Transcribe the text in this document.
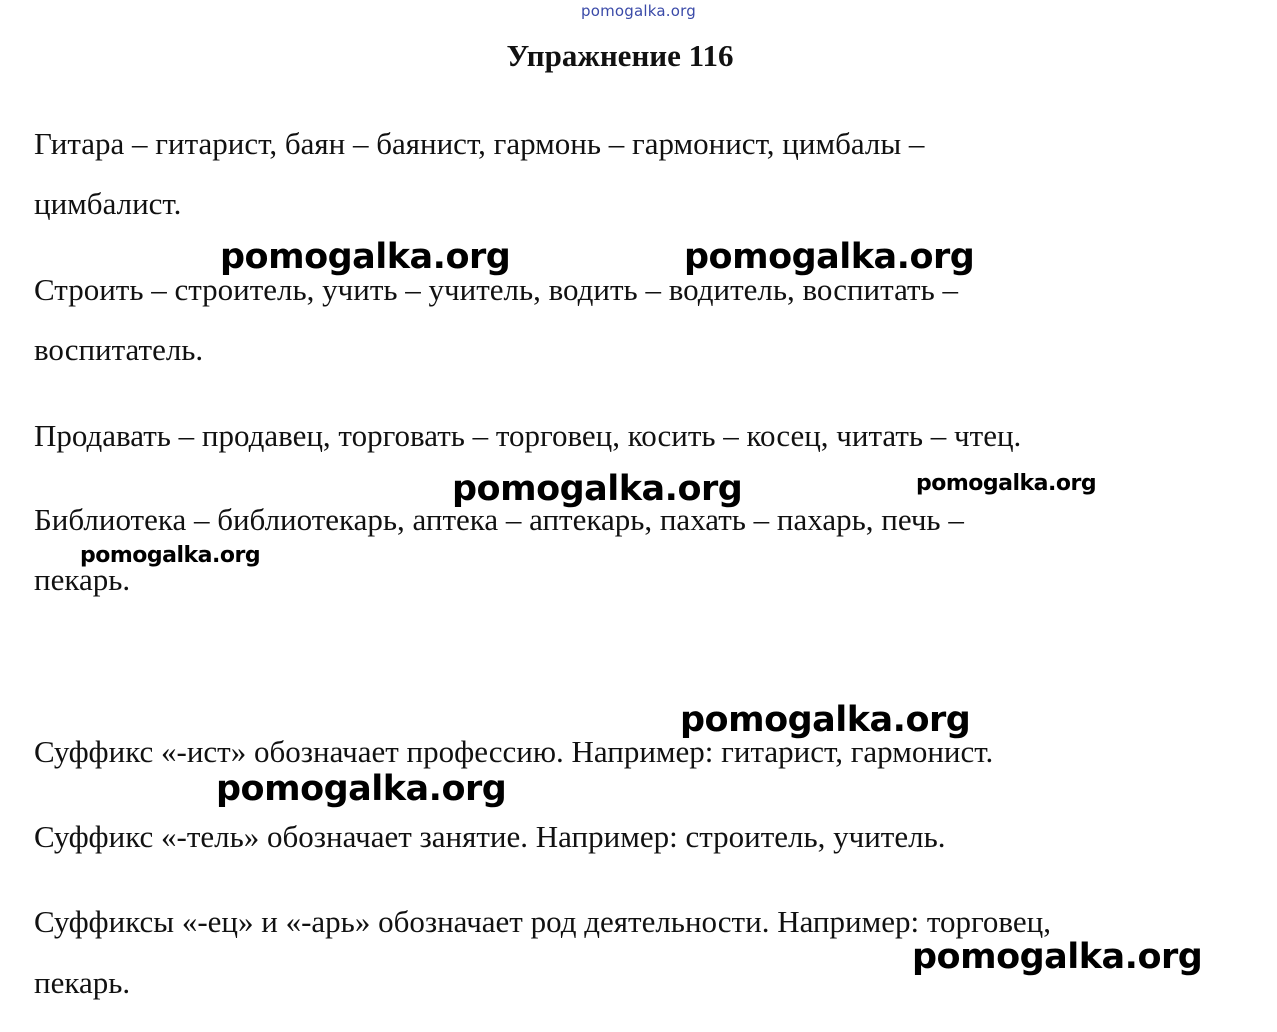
pomogalka.org
Упражнение 116
Гитара – гитарист, баян – баянист, гармонь – гармонист, цимбалы –
цимбалист.
Строить – строитель, учить – учитель, водить – водитель, воспитать –
воспитатель.
Продавать – продавец, торговать – торговец, косить – косец, читать – чтец.
Библиотека – библиотекарь, аптека – аптекарь, пахать – пахарь, печь –
пекарь.
Суффикс «-ист» обозначает профессию. Например: гитарист, гармонист.
Суффикс «-тель» обозначает занятие. Например: строитель, учитель.
Суффиксы «-ец» и «-арь» обозначает род деятельности. Например: торговец,
пекарь.
pomogalka.org	pomogalka.org
pomogalka.org	pomogalka.org
pomogalka.org
pomogalka.org
pomogalka.org
pomogalka.org
